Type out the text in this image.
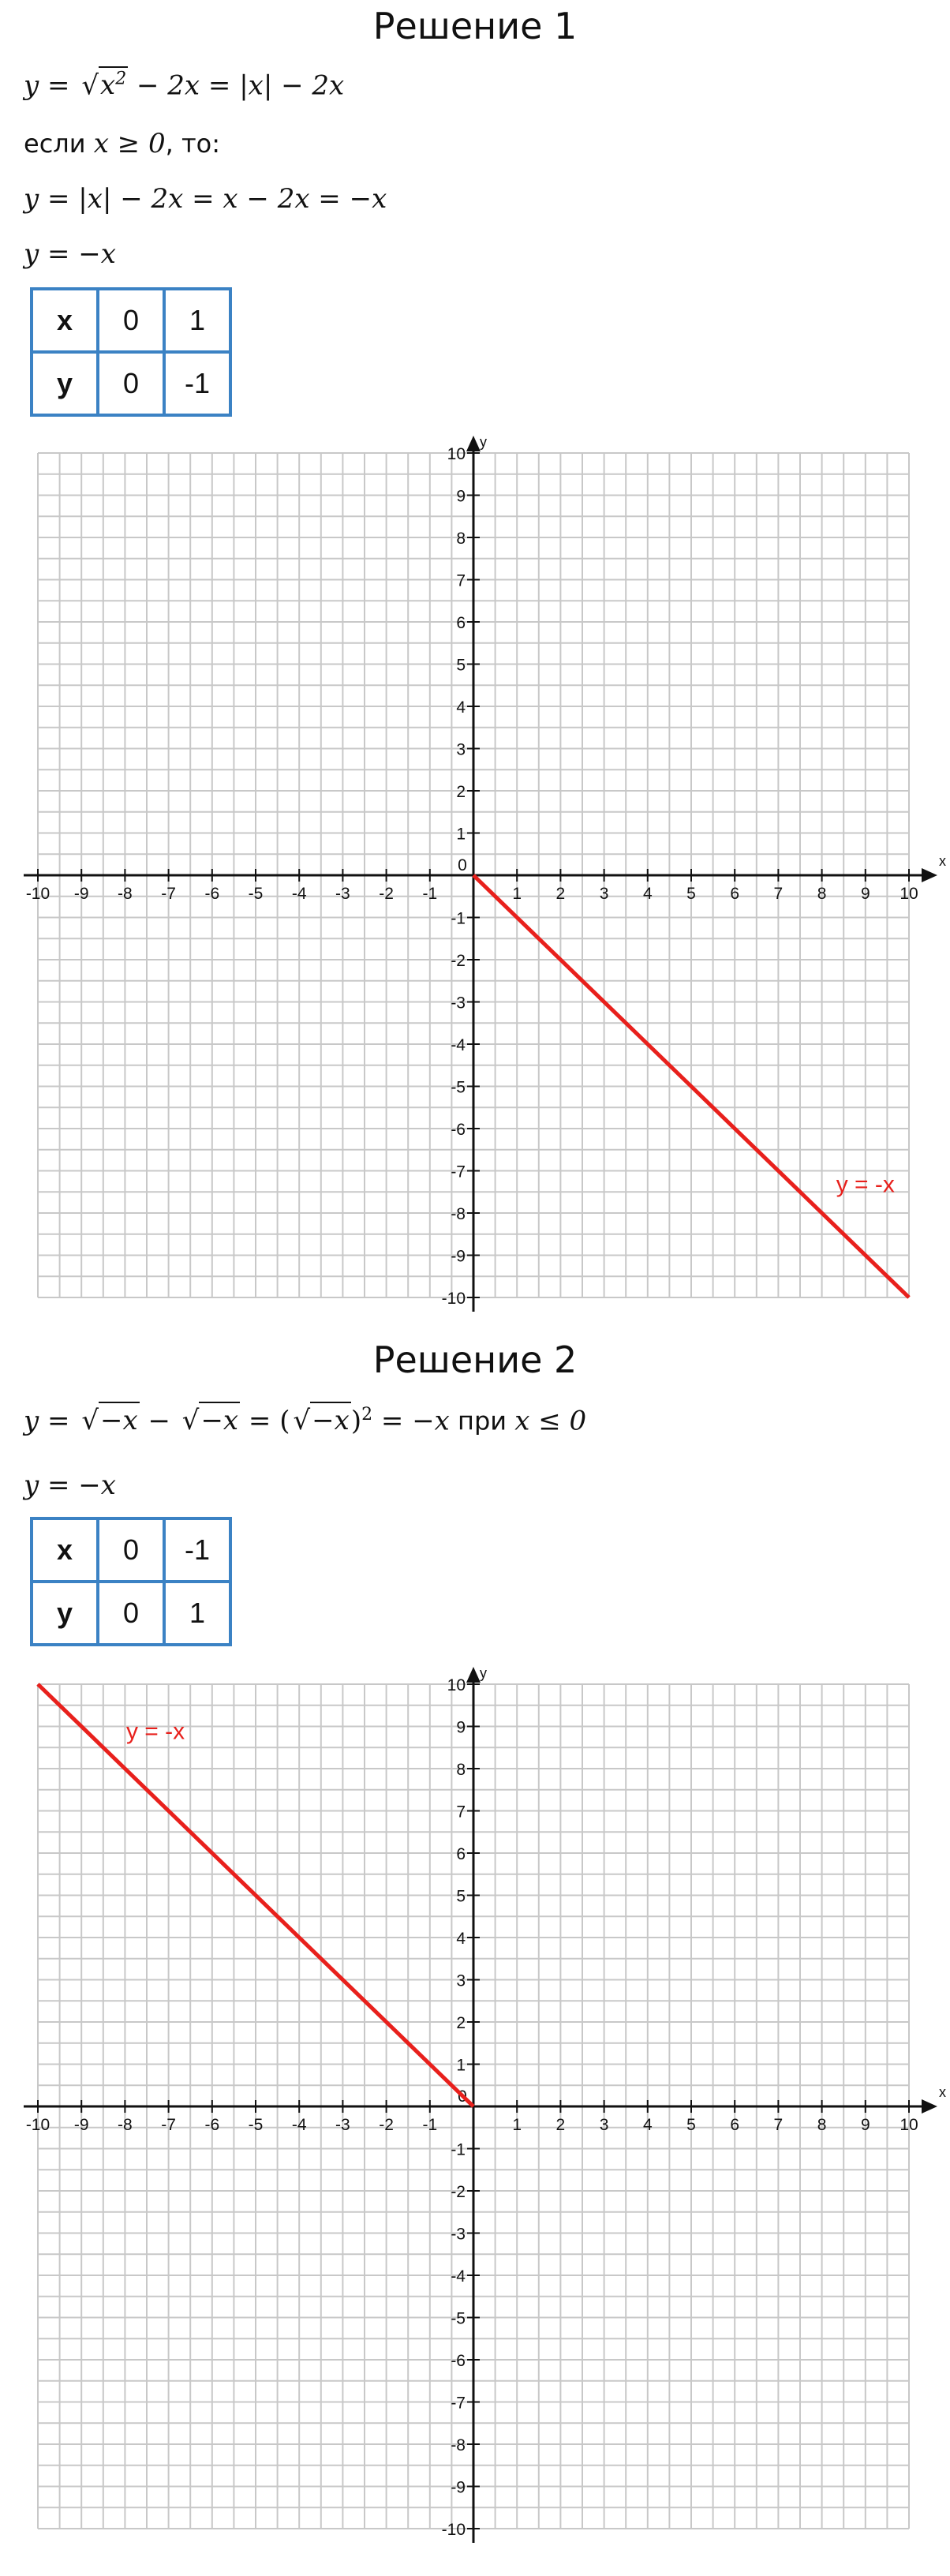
Решение 1
$y = √x^2 - 2x = |x| - 2x$
если x ≥ 0, то:
y = |x| − 2x = x − 2x = −x
y = −x
x	0	1
y	0	-1
x
y
-10 -9 -8 -7 -6 -5 -4 -3 -2 -1
0
1 2 3 4 5 6 7 8 9 10
10
9
8
7
6
5
4
3
2
1
-1
-2
-3
-4
-5
-6
-7
-8
-9
-10
y = -x
Решение 2
y = √−x − √−x = ( √−x)$^2$ = −x при x ≤ 0
y = −x
x	0	-1
y	0	1
x
y
-10 -9 -8 -7 -6 -5 -4 -3 -2 -1
0
1 2 3 4 5 6 7 8 9 10
10
9
8
7
6
5
4
3
2
1
-1
-2
-3
-4
-5
-6
-7
-8
-9
-10
y = -x
